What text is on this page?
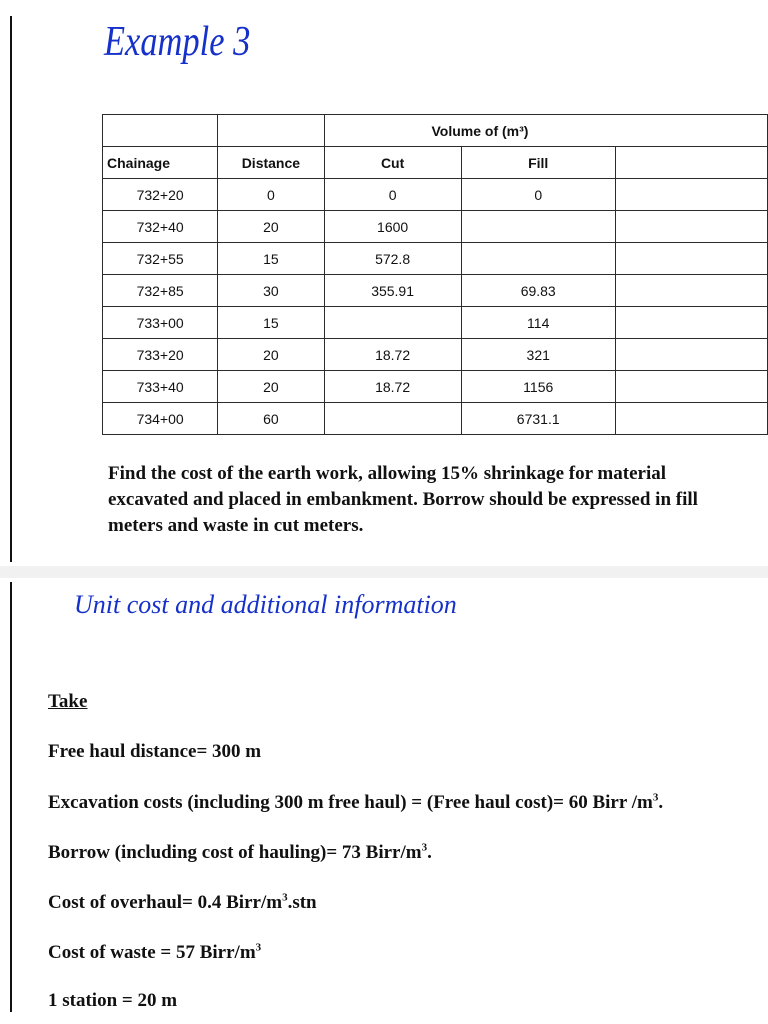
Example 3
		Volume of (m³)		
Chainage	Distance	Cut	Fill	
732+20	0	0	0	
732+40	20	1600		
732+55	15	572.8		
732+85	30	355.91	69.83	
733+00	15		114	
733+20	20	18.72	321	
733+40	20	18.72	1156	
734+00	60		6731.1	
Find the cost of the earth work, allowing 15% shrinkage for material excavated and placed in embankment. Borrow should be expressed in fill meters and waste in cut meters.
Unit cost and additional information
Take
Free haul distance= 300 m
Excavation costs (including 300 m free haul) = (Free haul cost)= 60 Birr $/m^3$.
Borrow (including cost of hauling)= 73 Birr/$m^3$.
Cost of overhaul= 0.4 Birr/$m^3.stn$
Cost of waste = 57 Birr/$m^3$
1 station = 20 m
